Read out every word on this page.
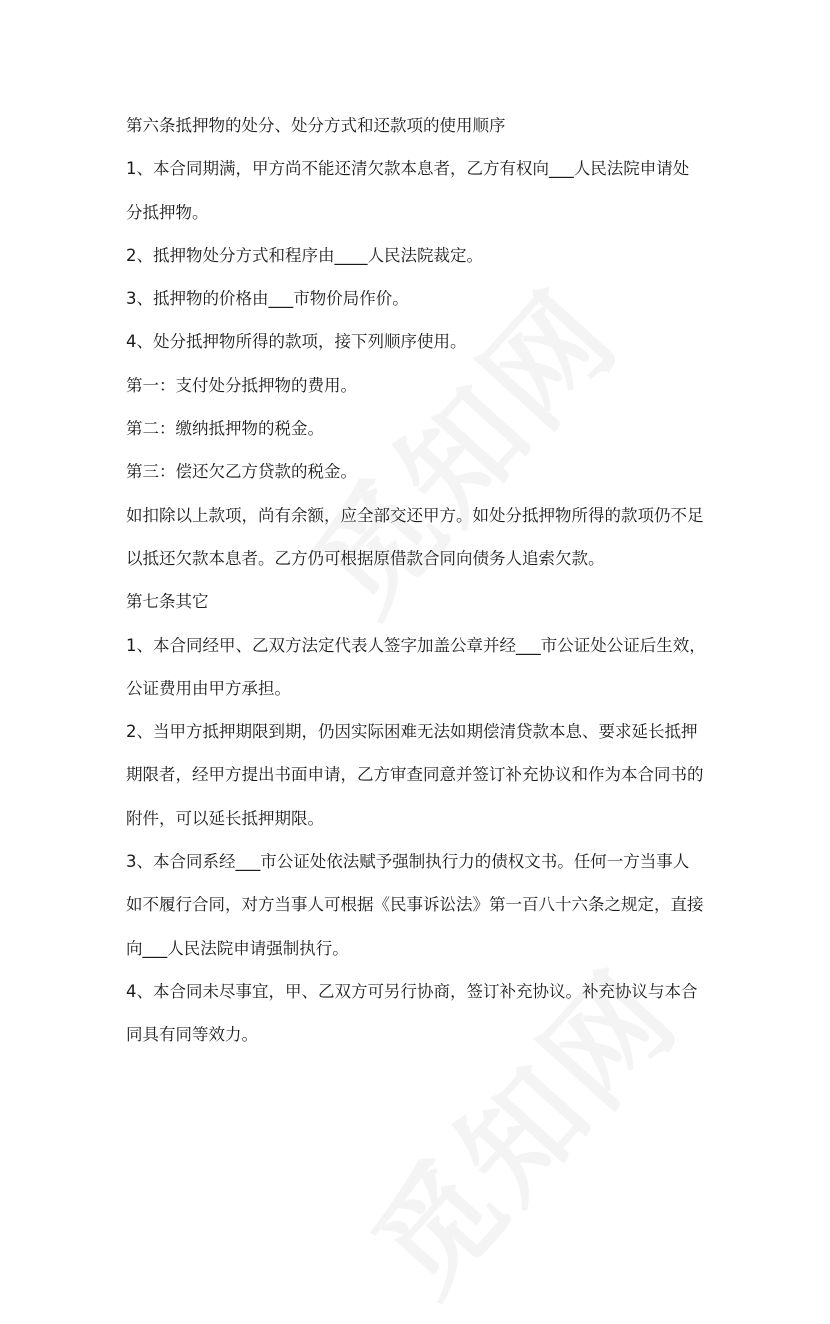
第六条抵押物的处分、处分方式和还款项的使用顺序

1、本合同期满，甲方尚不能还清欠款本息者，乙方有权向___人民法院申请处

分抵押物。

2、抵押物处分方式和程序由____人民法院裁定。

3、抵押物的价格由___市物价局作价。

4、处分抵押物所得的款项，接下列顺序使用。

第一：支付处分抵押物的费用。

第二：缴纳抵押物的税金。

第三：偿还欠乙方贷款的税金。

如扣除以上款项，尚有余额，应全部交还甲方。如处分抵押物所得的款项仍不足

以抵还欠款本息者。乙方仍可根据原借款合同向债务人追索欠款。

第七条其它

1、本合同经甲、乙双方法定代表人签字加盖公章并经___市公证处公证后生效，

公证费用由甲方承担。

2、当甲方抵押期限到期，仍因实际困难无法如期偿清贷款本息、要求延长抵押

期限者，经甲方提出书面申请，乙方审查同意并签订补充协议和作为本合同书的

附件，可以延长抵押期限。

3、本合同系经___市公证处依法赋予强制执行力的债权文书。任何一方当事人

如不履行合同，对方当事人可根据《民事诉讼法》第一百八十六条之规定，直接

向___人民法院申请强制执行。

4、本合同未尽事宜，甲、乙双方可另行协商，签订补充协议。补充协议与本合

同具有同等效力。
